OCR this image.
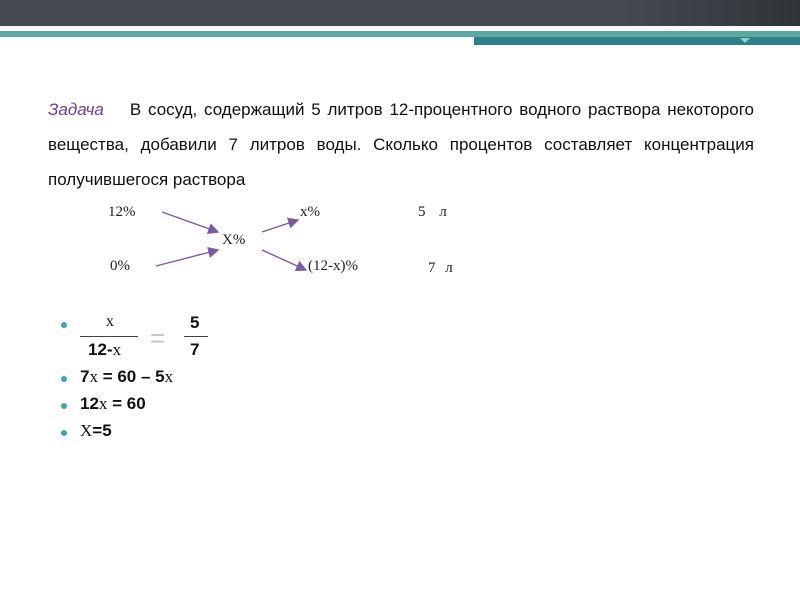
Задача В сосуд, содержащий 5 литров 12-процентного водного раствора некоторого вещества, добавили 7 литров воды. Сколько процентов составляет концентрация получившегося раствора
12%
0%
X%
x%
(12-x)%
5 л
7 л
x
12-x =
5
7
7x = 60 – 5x
12x = 60
X=5
